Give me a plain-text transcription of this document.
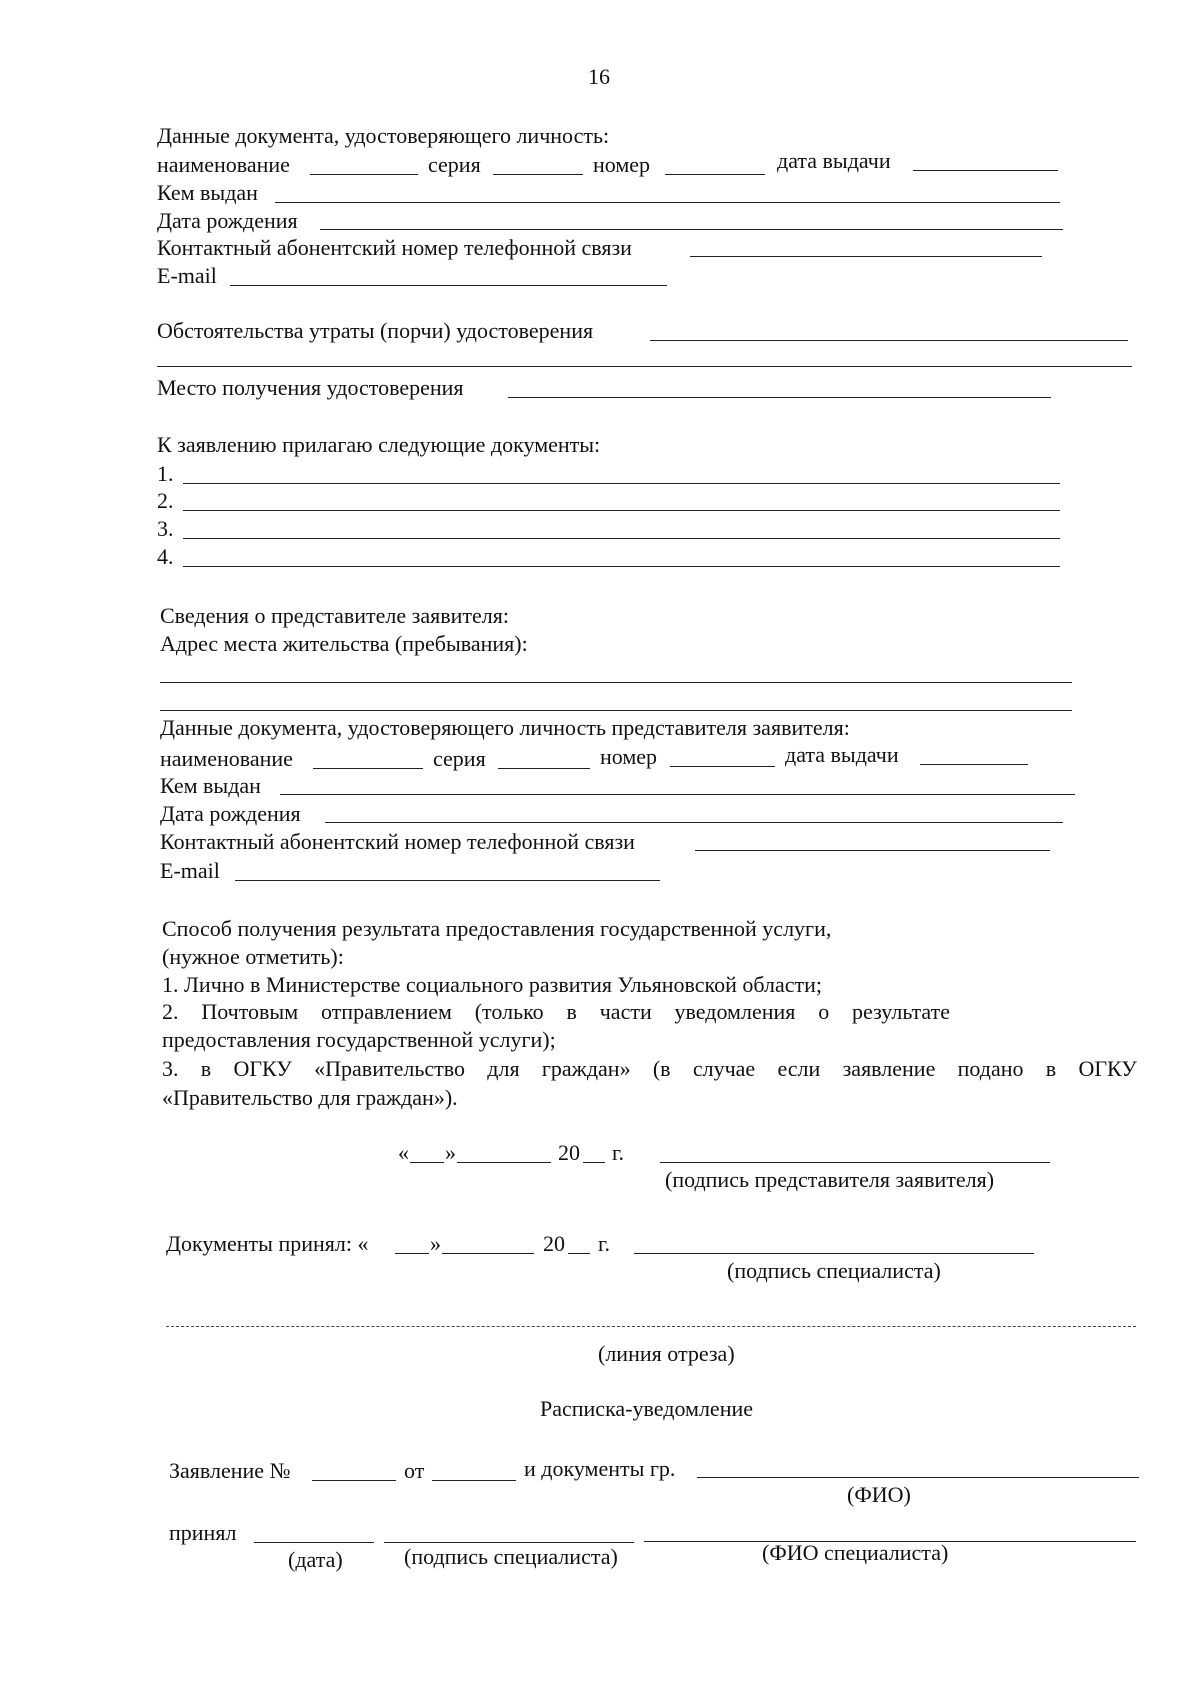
16
Данные документа, удостоверяющего личность:
наименование	серия	номер	дата выдачи
Кем выдан
Дата рождения
Контактный абонентский номер телефонной связи
E-mail
Обстоятельства утраты (порчи) удостоверения
Место получения удостоверения
К заявлению прилагаю следующие документы:
1.
2.
3.
4.
Сведения о представителе заявителя:
Адрес места жительства (пребывания):
Данные документа, удостоверяющего личность представителя заявителя:
наименование	серия	номер	дата выдачи
Кем выдан
Дата рождения
Контактный абонентский номер телефонной связи
E-mail
Способ получения результата предоставления государственной услуги,
(нужное отметить):
1. Лично в Министерстве социального развития Ульяновской области;
2. Почтовым отправлением (только в части уведомления о результате
предоставления государственной услуги);
3. в ОГКУ «Правительство для граждан» (в случае если заявление подано в ОГКУ
«Правительство для граждан»).
« »	20 г.
(подпись представителя заявителя)
Документы принял: «	»	20 г.
(подпись специалиста)
(линия отреза)
Расписка-уведомление
Заявление №	от	и документы гр.
(ФИО)
принял
(дата)	(подпись специалиста)	(ФИО специалиста)
